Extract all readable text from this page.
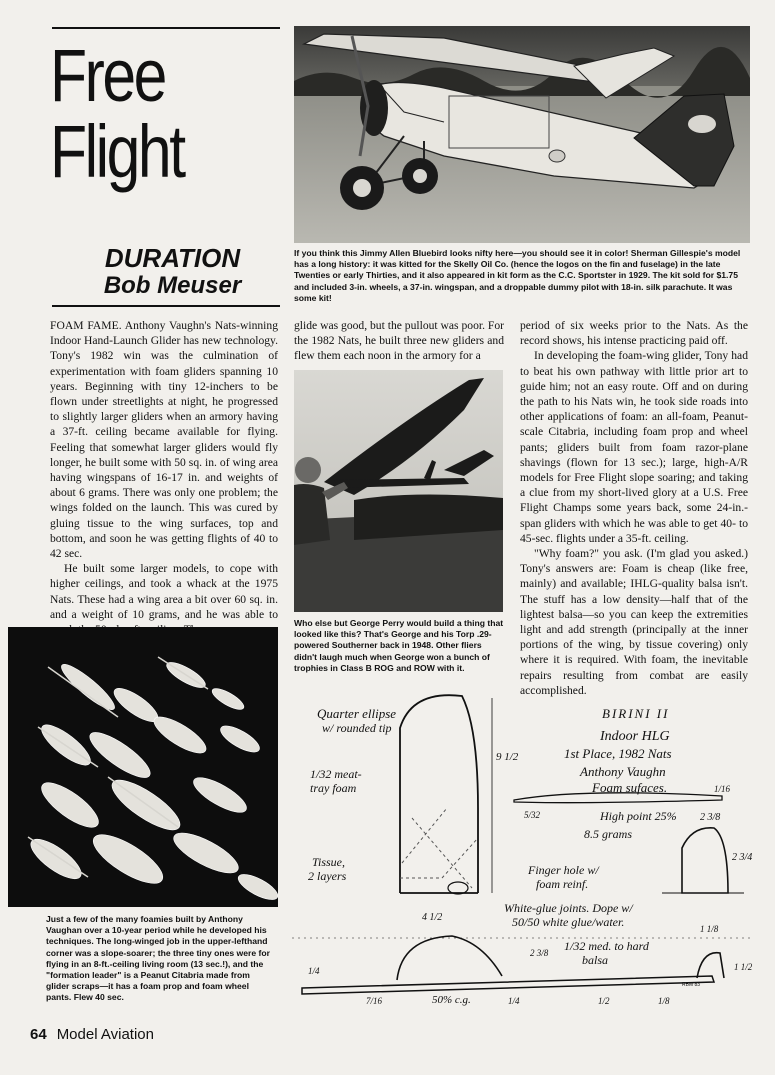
Free
Flight
DURATION
Bob Meuser
If you think this Jimmy Allen Bluebird looks nifty here—you should see it in color! Sherman Gillespie's model has a long history: it was kitted for the Skelly Oil Co. (hence the logos on the fin and fuselage) in the late Twenties or early Thirties, and it also appeared in kit form as the C.C. Sportster in 1929. The kit sold for $1.75 and included 3-in. wheels, a 37-in. wingspan, and a droppable dummy pilot with 18-in. silk parachute. It was some kit!

FOAM FAME. Anthony Vaughn's Nats-winning Indoor Hand-Launch Glider has new technology. Tony's 1982 win was the culmination of experimentation with foam gliders spanning 10 years. Beginning with tiny 12-inchers to be flown under streetlights at night, he progressed to slightly larger gliders when an armory having a 37-ft. ceiling became available for flying. Feeling that somewhat larger gliders would fly longer, he built some with 50 sq. in. of wing area having wingspans of 16-17 in. and weights of about 6 grams. There was only one problem; the wings folded on the launch. This was cured by gluing tissue to the wing surfaces, top and bottom, and soon he was getting flights of 40 to 42 sec.

He built some larger models, to cope with higher ceilings, and took a whack at the 1975 Nats. These had a wing area a bit over 60 sq. in. and a weight of 10 grams, and he was able to

glide was good, but the pullout was poor. For the 1982 Nats, he built three new gliders and flew them each noon in the armory for a

Who else but George Perry would build a thing that looked like this? That's George and his Torp .29-powered Southerner back in 1948. Other fliers didn't laugh much when George won a bunch of trophies in Class B ROG and ROW with it.

period of six weeks prior to the Nats. As the record shows, his intense practicing paid off.

In developing the foam-wing glider, Tony had to beat his own pathway with little prior art to guide him; not an easy route. Off and on during the path to his Nats win, he took side roads into other applications of foam: an all-foam, Peanut-scale Citabria, including foam prop and wheel pants; gliders built from foam razor-plane shavings (flown for 13 sec.); large, high-A/R models for Free Flight slope soaring; and taking a clue from my short-lived glory at a U.S. Free Flight Champs some years back, some 24-in.-span gliders with which he was able to get 40- to 45-sec. flights under a 35-ft. ceiling.

"Why foam?" you ask. (I'm glad you asked.) Tony's answers are: Foam is cheap (like free, mainly) and available; IHLG-quality balsa isn't. The stuff has a low density—half that of the lightest balsa—so you can keep the extremities light and add strength (principally at the inner portions of the wing, by tissue covering) only where it is required. With foam, the inevitable repairs resulting from combat are easily accomplished.

Just a few of the many foamies built by Anthony Vaughan over a 10-year period while he developed his techniques. The long-winged job in the upper-lefthand corner was a slope-soarer; the three tiny ones were for flying in an 8-ft.-ceiling living room (13 sec.!), and the "formation leader" is a Peanut Citabria made from glider scraps—it has a foam prop and foam wheel pants. Flew 40 sec.
Quarter ellipse
w/ rounded tip
1/32 meat-
tray foam
Tissue,
2 layers	Finger hole w/
foam reinf.
White-glue joints. Dope w/
50/50 white glue/water.
1/32 med. to hard
balsa
50% c.g.
BIRINI II
Indoor HLG
1st Place, 1982 Nats
Anthony Vaughn
Foam sufaces.
High point 25%
8.5 grams
9 1/2
4 1/2
2 3/8
2 3/4
1/16
5/32
1/4
7/16	1/4	1/2	1/8
2 3/8
1 1/8
1 1/2
RBM 83
64 Model Aviation
